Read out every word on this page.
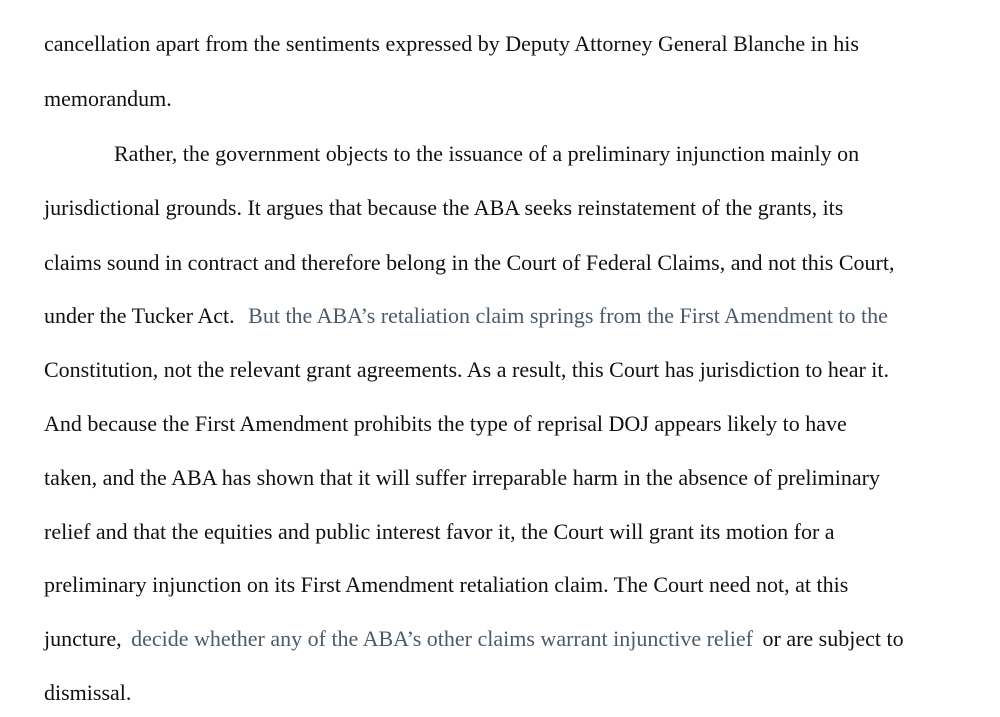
cancellation apart from the sentiments expressed by Deputy Attorney General Blanche in his

memorandum.

Rather, the government objects to the issuance of a preliminary injunction mainly on

jurisdictional grounds. It argues that because the ABA seeks reinstatement of the grants, its

claims sound in contract and therefore belong in the Court of Federal Claims, and not this Court,

under the Tucker Act. But the ABA’s retaliation claim springs from the First Amendment to the

Constitution, not the relevant grant agreements. As a result, this Court has jurisdiction to hear it.

And because the First Amendment prohibits the type of reprisal DOJ appears likely to have

taken, and the ABA has shown that it will suffer irreparable harm in the absence of preliminary

relief and that the equities and public interest favor it, the Court will grant its motion for a

preliminary injunction on its First Amendment retaliation claim. The Court need not, at this

juncture, decide whether any of the ABA’s other claims warrant injunctive relief or are subject to

dismissal.
